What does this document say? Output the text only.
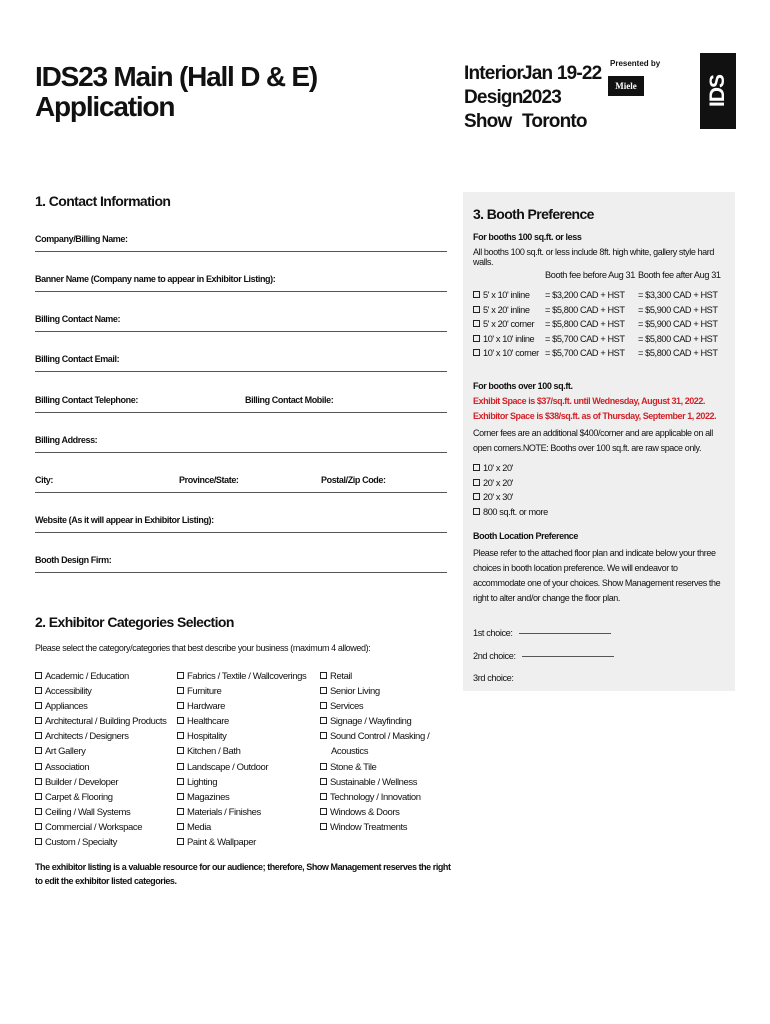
IDS23 Main (Hall D & E)
Application
Interior
Jan 19-22
Design 2023
Show Toronto
Presented by
Miele	IDS
1. Contact Information
Company/Billing Name:
Banner Name (Company name to appear in Exhibitor Listing):
Billing Contact Name:
Billing Contact Email:
Billing Contact Telephone:	Billing Contact Mobile:
Billing Address:
City:	Province/State:	Postal/Zip Code:
Website (As it will appear in Exhibitor Listing):
Booth Design Firm:
2. Exhibitor Categories Selection
Please select the category/categories that best describe your business (maximum 4 allowed):
Academic / Education
Accessibility
Appliances
Architectural / Building Products
Architects / Designers
Art Gallery
Association
Builder / Developer
Carpet & Flooring
Ceiling / Wall Systems
Commercial / Workspace
Custom / Specialty
Fabrics / Textile / Wallcoverings
Furniture
Hardware
Healthcare
Hospitality
Kitchen / Bath
Landscape / Outdoor
Lighting
Magazines
Materials / Finishes
Media
Paint & Wallpaper
Retail
Senior Living
Services
Signage / Wayfinding
Sound Control / Masking /
Acoustics
Stone & Tile
Sustainable / Wellness
Technology / Innovation
Windows & Doors
Window Treatments
The exhibitor listing is a valuable resource for our audience; therefore, Show Management reserves the right to edit the exhibitor listed categories.
3. Booth Preference
For booths 100 sq.ft. or less
All booths 100 sq.ft. or less include 8ft. high white, gallery style hard walls.
Booth fee before Aug 31 Booth fee after Aug 31
5' x 10' inline	= $3,200 CAD + HST	= $3,300 CAD + HST
5' x 20' inline	= $5,800 CAD + HST	= $5,900 CAD + HST
5' x 20' corner	= $5,800 CAD + HST	= $5,900 CAD + HST
10' x 10' inline	= $5,700 CAD + HST	= $5,800 CAD + HST
10' x 10' corner = $5,700 CAD + HST	= $5,800 CAD + HST
For booths over 100 sq.ft.
Exhibit Space is $37/sq.ft. until Wednesday, August 31, 2022.
Exhibitor Space is $38/sq.ft. as of Thursday, September 1, 2022.
Corner fees are an additional $400/corner and are applicable on all open corners.NOTE: Booths over 100 sq.ft. are raw space only.
10' x 20'
20' x 20'
20' x 30'
800 sq.ft. or more
Booth Location Preference
Please refer to the attached floor plan and indicate below your three choices in booth location preference. We will endeavor to accommodate one of your choices. Show Management reserves the right to alter and/or change the floor plan.
1st choice:
2nd choice:
3rd choice:
